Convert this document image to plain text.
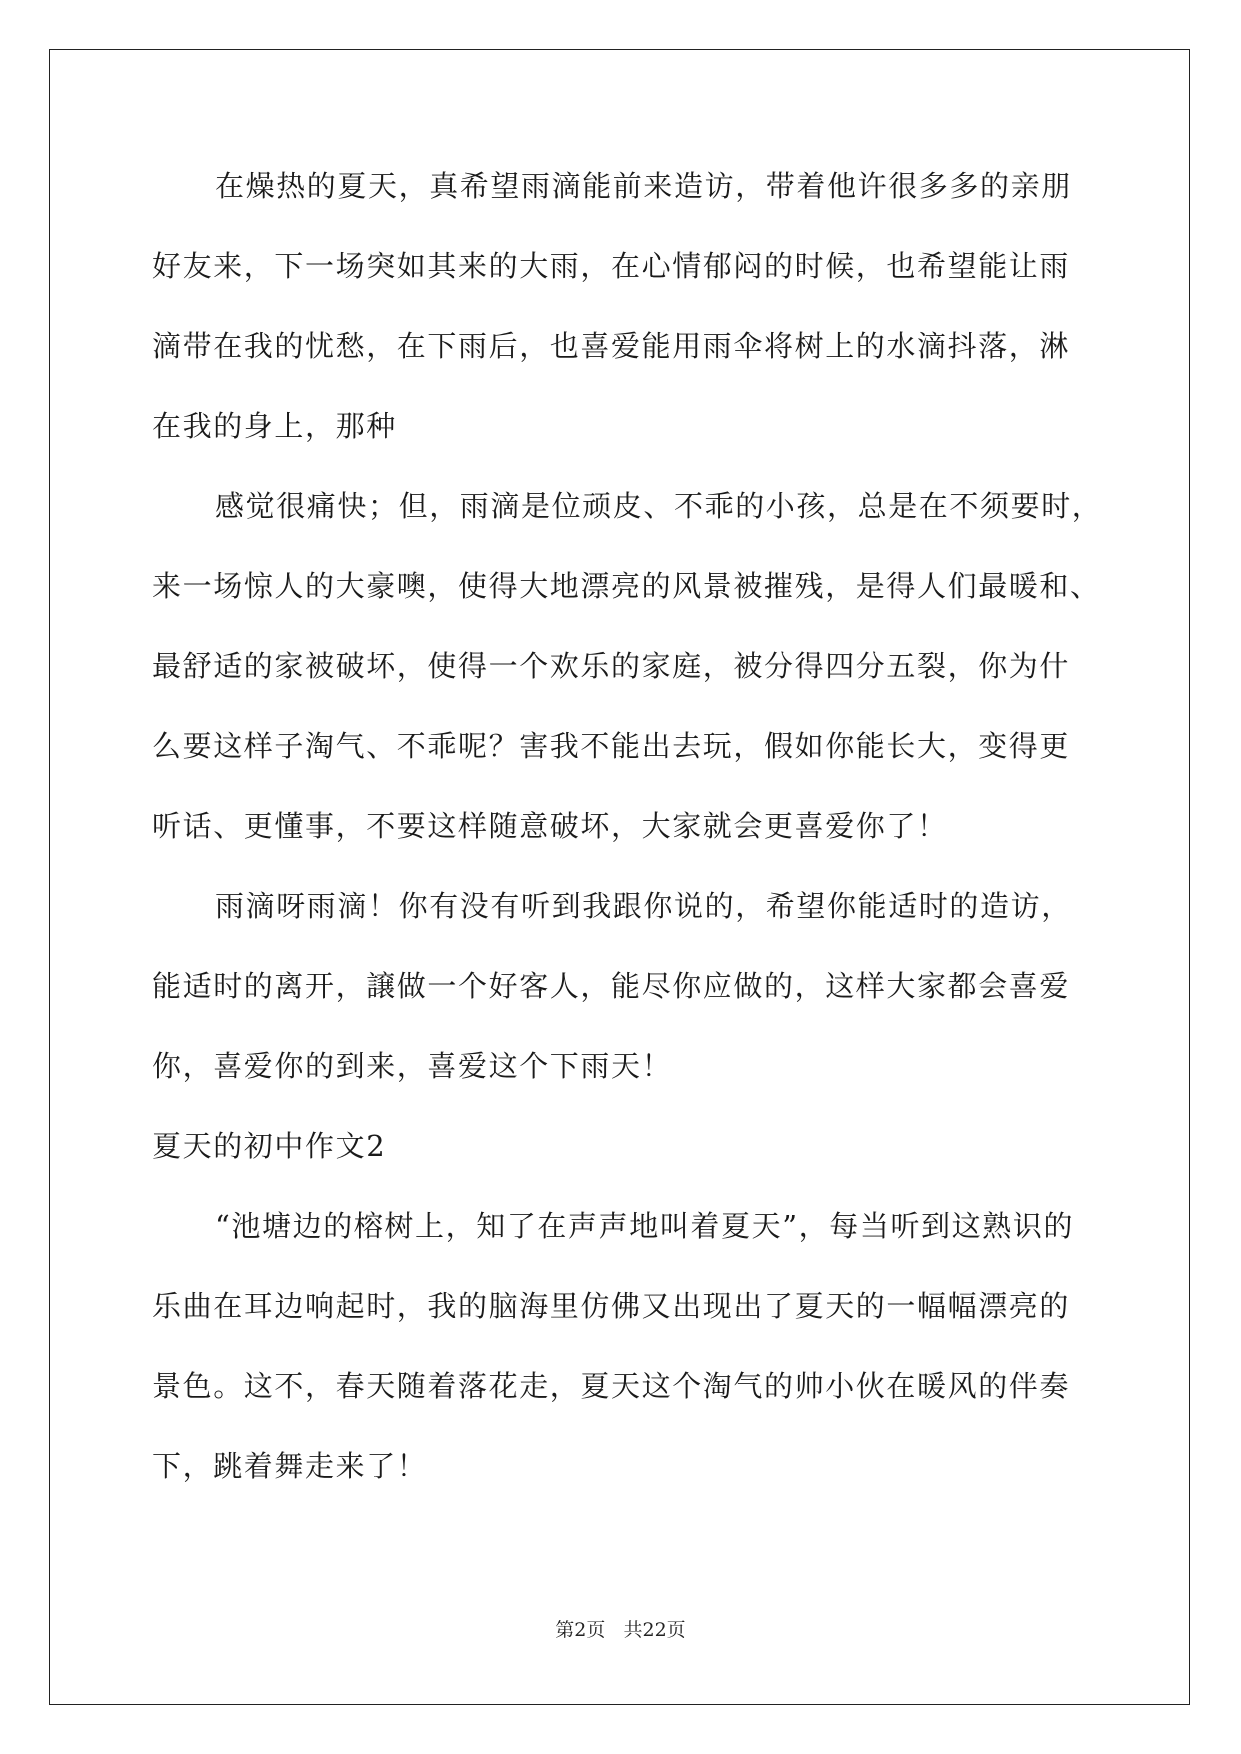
在燥热的夏天，真希望雨滴能前来造访，带着他许很多多的亲朋
好友来，下一场突如其来的大雨，在心情郁闷的时候，也希望能让雨
滴带在我的忧愁，在下雨后，也喜爱能用雨伞将树上的水滴抖落，淋
在我的身上，那种
感觉很痛快；但，雨滴是位顽皮、不乖的小孩，总是在不须要时，
来一场惊人的大豪噢，使得大地漂亮的风景被摧残，是得人们最暖和、
最舒适的家被破坏，使得一个欢乐的家庭，被分得四分五裂，你为什
么要这样子淘气、不乖呢？害我不能出去玩，假如你能长大，变得更
听话、更懂事，不要这样随意破坏，大家就会更喜爱你了！
雨滴呀雨滴！你有没有听到我跟你说的，希望你能适时的造访，
能适时的离开，譲做一个好客人，能尽你应做的，这样大家都会喜爱
你，喜爱你的到来，喜爱这个下雨天！
夏天的初中作文2
“池塘边的榕树上，知了在声声地叫着夏天”，每当听到这熟识的
乐曲在耳边响起时，我的脑海里仿佛又出现出了夏天的一幅幅漂亮的
景色。这不，春天随着落花走，夏天这个淘气的帅小伙在暖风的伴奏
下，跳着舞走来了！
第2页   共22页
